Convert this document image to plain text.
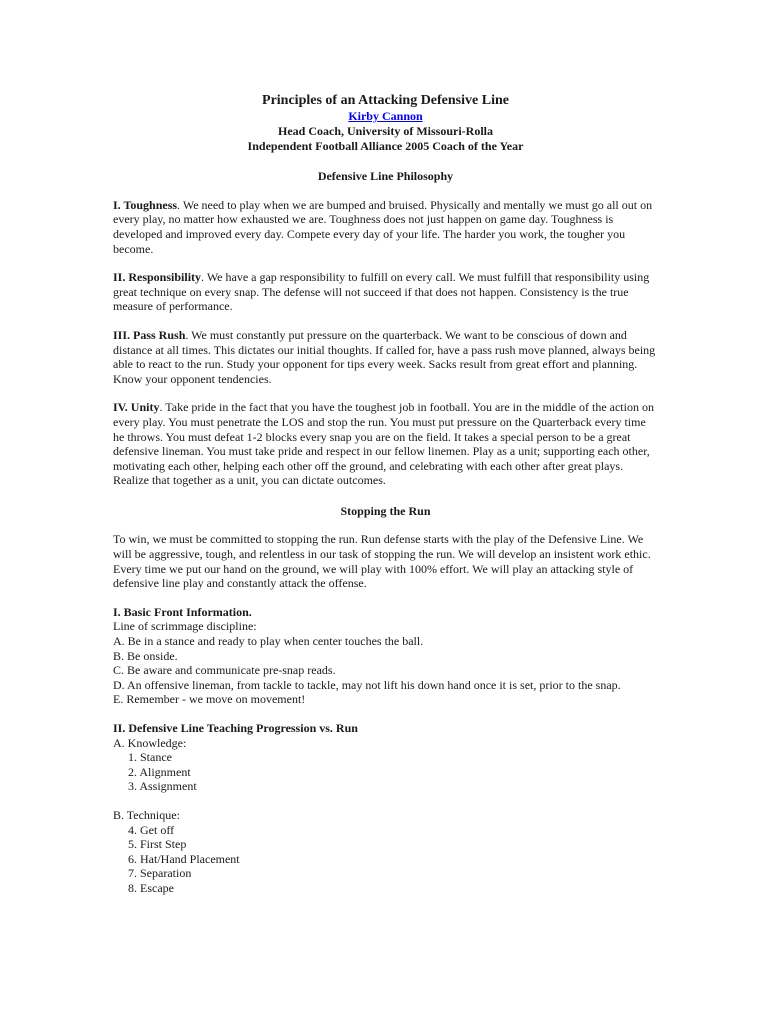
Principles of an Attacking Defensive Line
Kirby Cannon
Head Coach, University of Missouri-Rolla
Independent Football Alliance 2005 Coach of the Year
Defensive Line Philosophy

I. Toughness. We need to play when we are bumped and bruised. Physically and mentally we must go all out on every play, no matter how exhausted we are. Toughness does not just happen on game day. Toughness is developed and improved every day. Compete every day of your life. The harder you work, the tougher you become.

II. Responsibility. We have a gap responsibility to fulfill on every call. We must fulfill that responsibility using great technique on every snap. The defense will not succeed if that does not happen. Consistency is the true measure of performance.

III. Pass Rush. We must constantly put pressure on the quarterback. We want to be conscious of down and distance at all times. This dictates our initial thoughts. If called for, have a pass rush move planned, always being able to react to the run. Study your opponent for tips every week. Sacks result from great effort and planning. Know your opponent tendencies.

IV. Unity. Take pride in the fact that you have the toughest job in football. You are in the middle of the action on every play. You must penetrate the LOS and stop the run. You must put pressure on the Quarterback every time he throws. You must defeat 1-2 blocks every snap you are on the field. It takes a special person to be a great defensive lineman. You must take pride and respect in our fellow linemen. Play as a unit; supporting each other, motivating each other, helping each other off the ground, and celebrating with each other after great plays. Realize that together as a unit, you can dictate outcomes.

Stopping the Run

To win, we must be committed to stopping the run. Run defense starts with the play of the Defensive Line. We will be aggressive, tough, and relentless in our task of stopping the run. We will develop an insistent work ethic. Every time we put our hand on the ground, we will play with 100% effort. We will play an attacking style of defensive line play and constantly attack the offense.

I. Basic Front Information.
Line of scrimmage discipline:
A. Be in a stance and ready to play when center touches the ball.
B. Be onside.
C. Be aware and communicate pre-snap reads.
D. An offensive lineman, from tackle to tackle, may not lift his down hand once it is set, prior to the snap.
E. Remember - we move on movement!
II. Defensive Line Teaching Progression vs. Run
A. Knowledge:
1. Stance
2. Alignment
3. Assignment
B. Technique:
4. Get off
5. First Step
6. Hat/Hand Placement
7. Separation
8. Escape
